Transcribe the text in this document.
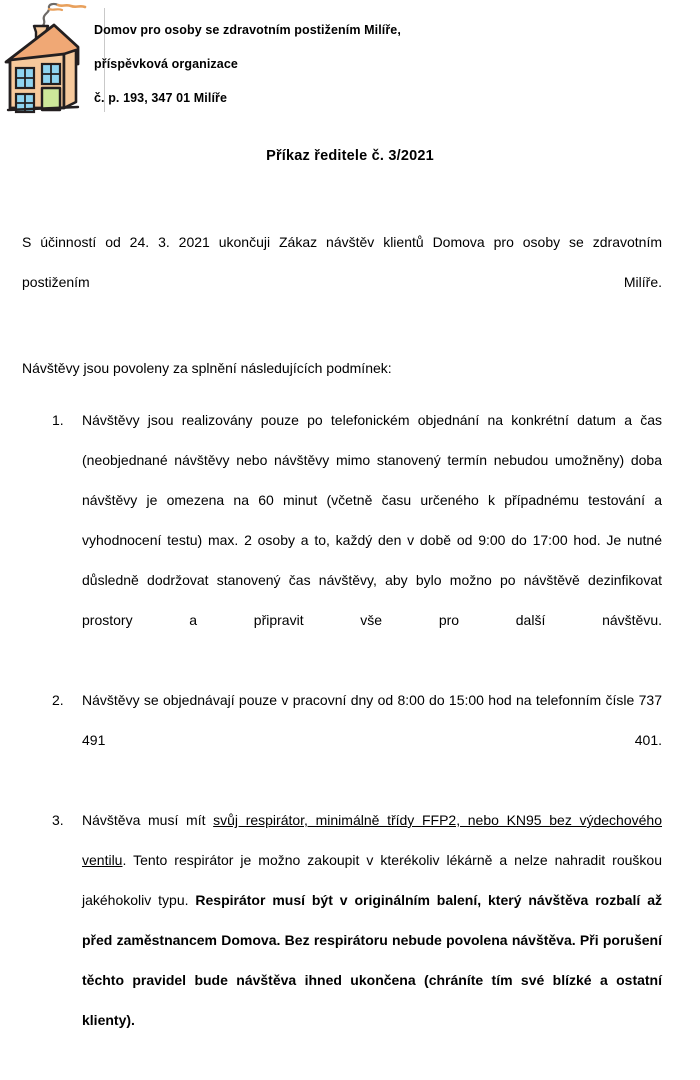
Domov pro osoby se zdravotním postižením Milíře,
příspěvková organizace
č. p. 193, 347 01 Milíře
Příkaz ředitele č. 3/2021

S účinností od 24. 3. 2021 ukončuji Zákaz návštěv klientů Domova pro osoby se zdravotním postižením Milíře.

Návštěvy jsou povoleny za splnění následujících podmínek:

1.	Návštěvy jsou realizovány pouze po telefonickém objednání na konkrétní datum a čas (neobjednané návštěvy nebo návštěvy mimo stanovený termín nebudou umožněny) doba návštěvy je omezena na 60 minut (včetně času určeného k případnému testování a vyhodnocení testu) max. 2 osoby a to, každý den v době od 9:00 do 17:00 hod. Je nutné důsledně dodržovat stanovený čas návštěvy, aby bylo možno po návštěvě dezinfikovat prostory a připravit vše pro další návštěvu.
2.	Návštěvy se objednávají pouze v pracovní dny od 8:00 do 15:00 hod na telefonním čísle 737 491 401.
3.	Návštěva musí mít svůj respirátor, minimálně třídy FFP2, nebo KN95 bez výdechového ventilu. Tento respirátor je možno zakoupit v kterékoliv lékárně a nelze nahradit rouškou jakéhokoliv typu. Respirátor musí být v originálním balení, který návštěva rozbalí až před zaměstnancem Domova. Bez respirátoru nebude povolena návštěva. Při porušení těchto pravidel bude návštěva ihned ukončena (chráníte tím své blízké a ostatní klienty).
